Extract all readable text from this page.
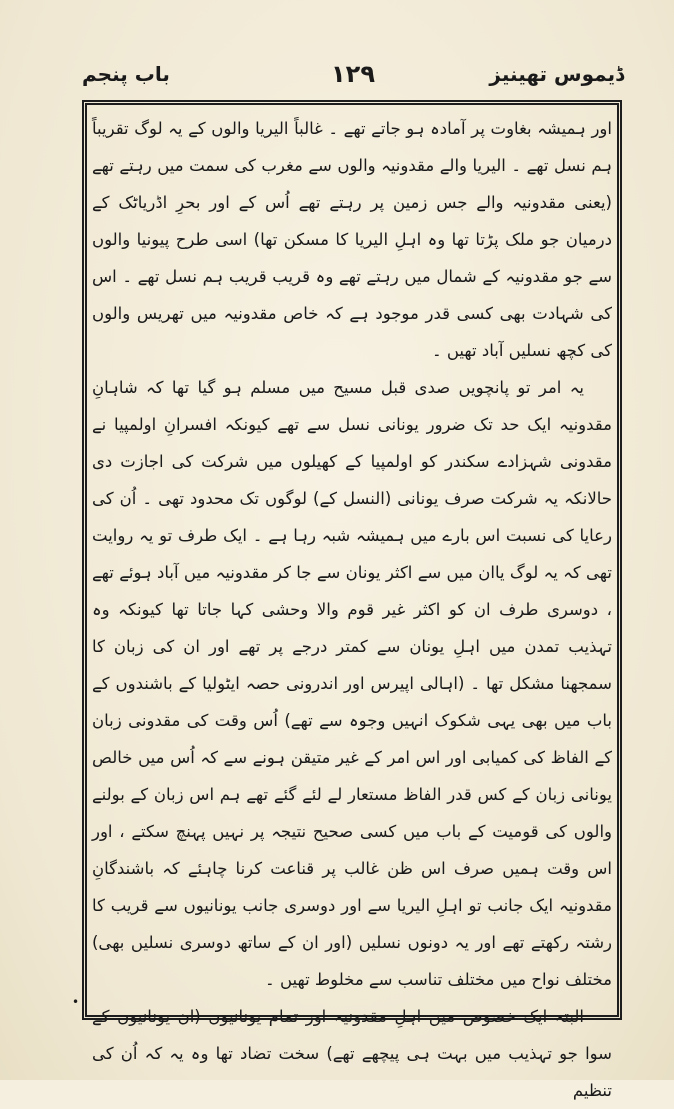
ڈیموس تھینیز
۱۲۹
باب پنجم

اور ہمیشہ بغاوت پر آمادہ ہو جاتے تھے ۔ غالباً الیریا والوں کے یہ لوگ تقریباً ہم نسل تھے ۔ الیریا والے مقدونیہ والوں سے مغرب کی سمت میں رہتے تھے (یعنی مقدونیہ والے جس زمین پر رہتے تھے اُس کے اور بحرِ اڈریاٹک کے درمیان جو ملک پڑتا تھا وہ اہلِ الیریا کا مسکن تھا) اسی طرح پیونیا والوں سے جو مقدونیہ کے شمال میں رہتے تھے وہ قریب قریب ہم نسل تھے ۔ اس کی شہادت بھی کسی قدر موجود ہے کہ خاص مقدونیہ میں تھریس والوں کی کچھ نسلیں آباد تھیں ۔

یہ امر تو پانچویں صدی قبل مسیح میں مسلم ہو گیا تھا کہ شاہانِ مقدونیہ ایک حد تک ضرور یونانی نسل سے تھے کیونکہ افسرانِ اولمپیا نے مقدونی شہزادے سکندر کو اولمپیا کے کھیلوں میں شرکت کی اجازت دی حالانکہ یہ شرکت صرف یونانی (النسل کے) لوگوں تک محدود تھی ۔ اُن کی رعایا کی نسبت اس بارے میں ہمیشہ شبہ رہا ہے ۔ ایک طرف تو یہ روایت تھی کہ یہ لوگ یاان میں سے اکثر یونان سے جا کر مقدونیہ میں آباد ہوئے تھے ، دوسری طرف ان کو اکثر غیر قوم والا وحشی کہا جاتا تھا کیونکہ وہ تہذیب تمدن میں اہلِ یونان سے کمتر درجے پر تھے اور ان کی زبان کا سمجھنا مشکل تھا ۔ (اہالی اپیرس اور اندرونی حصہ ایٹولیا کے باشندوں کے باب میں بھی یہی شکوک انہیں وجوہ سے تھے) اُس وقت کی مقدونی زبان کے الفاظ کی کمیابی اور اس امر کے غیر متیقن ہونے سے کہ اُس میں خالص یونانی زبان کے کس قدر الفاظ مستعار لے لئے گئے تھے ہم اس زبان کے بولنے والوں کی قومیت کے باب میں کسی صحیح نتیجہ پر نہیں پہنچ سکتے ، اور اس وقت ہمیں صرف اس ظن غالب پر قناعت کرنا چاہئے کہ باشندگانِ مقدونیہ ایک جانب تو اہلِ الیریا سے اور دوسری جانب یونانیوں سے قریب کا رشتہ رکھتے تھے اور یہ دونوں نسلیں (اور ان کے ساتھ دوسری نسلیں بھی) مختلف نواح میں مختلف تناسب سے مخلوط تھیں ۔

البتہ ایک خصوص میں اہلِ مقدونیہ اور تمام یونانیوں (ان یونانیوں کے سوا جو تہذیب میں بہت ہی پیچھے تھے) سخت تضاد تھا وہ یہ کہ اُن کی تنظیم

•
